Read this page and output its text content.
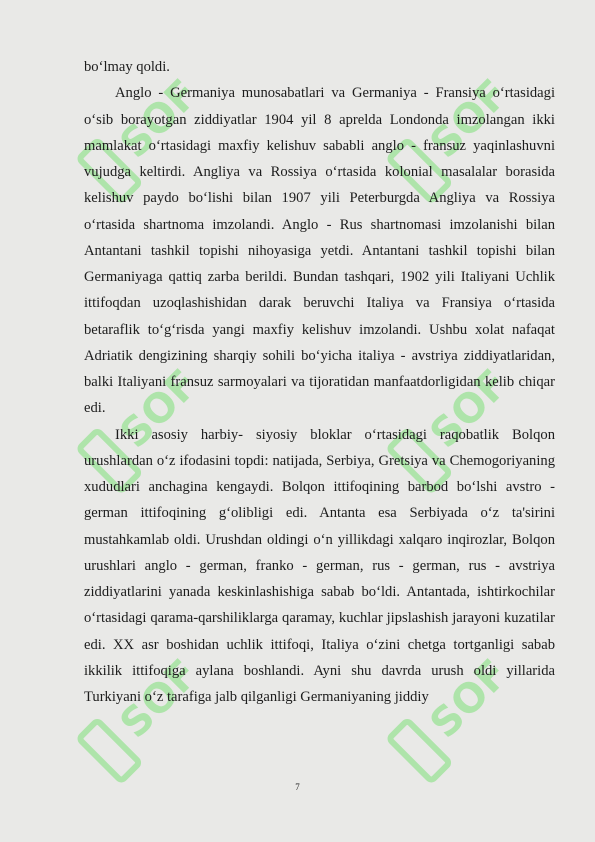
SOF	SOF
SOF	SOF
SOF	SOF

bo‘lmay qoldi.

Anglo - Germaniya munosabatlari va Germaniya - Fransiya o‘rtasidagi o‘sib borayotgan ziddiyatlar 1904 yil 8 aprelda Londonda imzolangan ikki mamlakat o‘rtasidagi maxfiy kelishuv sababli anglo - fransuz yaqinlashuvni vujudga keltirdi. Angliya va Rossiya o‘rtasida kolonial masalalar borasida kelishuv paydo bo‘lishi bilan 1907 yili Peterburgda Angliya va Rossiya o‘rtasida shartnoma imzolandi. Anglo - Rus shartnomasi imzolanishi bilan Antantani tashkil topishi nihoyasiga yetdi. Antantani tashkil topishi bilan Germaniyaga qattiq zarba berildi. Bundan tashqari, 1902 yili Italiyani Uchlik ittifoqdan uzoqlashishidan darak beruvchi Italiya va Fransiya o‘rtasida betaraflik to‘g‘risda yangi maxfiy kelishuv imzolandi. Ushbu xolat nafaqat Adriatik dengizining sharqiy sohili bo‘yicha italiya - avstriya ziddiyatlaridan, balki Italiyani fransuz sarmoyalari va tijoratidan manfaatdorligidan kelib chiqar edi.

Ikki asosiy harbiy- siyosiy bloklar o‘rtasidagi raqobatlik Bolqon urushlardan o‘z ifodasini topdi: natijada, Serbiya, Gretsiya va Chemogoriyaning xududlari anchagina kengaydi. Bolqon ittifoqining barbod bo‘lshi avstro - german ittifoqining g‘olibligi edi. Antanta esa Serbiyada o‘z ta'sirini mustahkamlab oldi. Urushdan oldingi o‘n yillikdagi xalqaro inqirozlar, Bolqon urushlari anglo - german, franko - german, rus - german, rus - avstriya ziddiyatlarini yanada keskinlashishiga sabab bo‘ldi. Antantada, ishtirkochilar o‘rtasidagi qarama-qarshiliklarga qaramay, kuchlar jipslashish jarayoni kuzatilar edi. XX asr boshidan uchlik ittifoqi, Italiya o‘zini chetga tortganligi sabab ikkilik ittifoqiga aylana boshlandi. Ayni shu davrda urush oldi yillarida Turkiyani o‘z tarafiga jalb qilganligi Germaniyaning jiddiy

7
